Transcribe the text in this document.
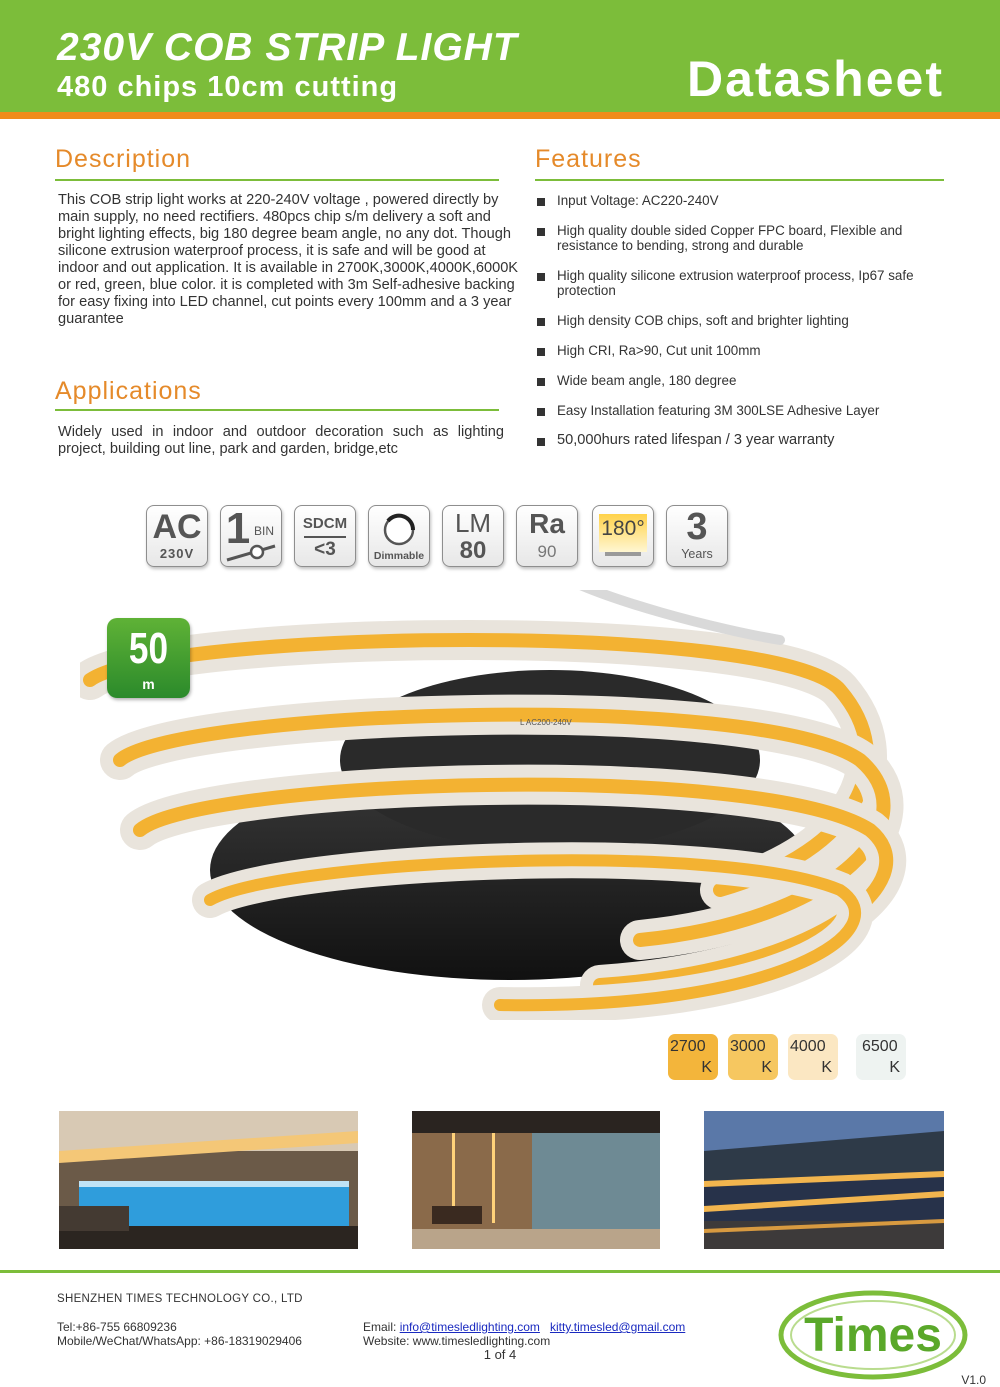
230V COB STRIP LIGHT
480 chips 10cm cutting	Datasheet
Description
This COB strip light works at 220-240V voltage , powered directly by main supply, no need rectifiers. 480pcs chip s/m delivery a soft and bright lighting effects, big 180 degree beam angle, no any dot. Though silicone extrusion waterproof process, it is safe and will be good at indoor and out application. It is available in 2700K,3000K,4000K,6000K or red, green, blue color. it is completed with 3m Self-adhesive backing for easy fixing into LED channel, cut points every 100mm and a 3 year guarantee
Applications
Widely used in indoor and outdoor decoration such as lighting project, building out line, park and garden, bridge,etc
Features
Input Voltage: AC220-240V
High quality double sided Copper FPC board, Flexible and resistance to bending, strong and durable
High quality silicone extrusion waterproof process, Ip67 safe protection
High density COB chips, soft and brighter lighting
High CRI, Ra>90, Cut unit 100mm
Wide beam angle, 180 degree
Easy Installation featuring 3M 300LSE Adhesive Layer
50,000hurs rated lifespan / 3 year warranty
AC
230V
1 BIN	SDCM
<3	Dimmable
LM
80
Ra
90
180°	3
Years
L AC200-240V
50
m
2700
K
3000
K
4000
K
6500
K
SHENZHEN TIMES TECHNOLOGY CO., LTD
Tel:+86-755 66809236
Mobile/WeChat/WhatsApp: +86-18319029406
Email: info@timesledlighting.com kitty.timesled@gmail.com
Website: www.timesledlighting.com
1 of 4
V1.0
Times
